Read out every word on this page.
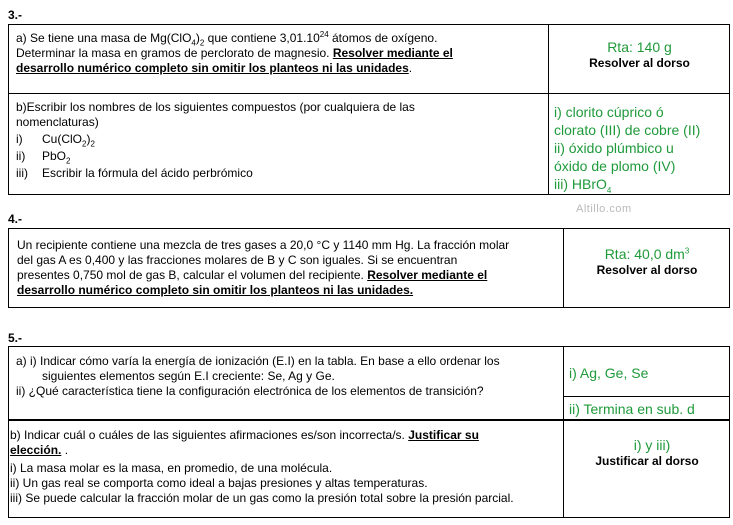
3.-
a) Se tiene una masa de $Mg(ClO_4)_2$ que contiene 3,01.10$^{24}$ átomos de oxígeno.
Determinar la masa en gramos de perclorato de magnesio. Resolver mediante el
desarrollo numérico completo sin omitir los planteos ni las unidades.
Rta: 140 g
Resolver al dorso
b)Escribir los nombres de los siguientes compuestos (por cualquiera de las
nomenclaturas)
i) $Cu(ClO_2)_2$
ii) PbO$_2$
iii) Escribir la fórmula del ácido perbrómico
i) clorito cúprico ó
clorato (III) de cobre (II)
ii) óxido plúmbico u
óxido de plomo (IV)
iii) HBrO$_4$
Altillo.com
4.-
Un recipiente contiene una mezcla de tres gases a 20,0 °C y 1140 mm Hg. La fracción molar
del gas A es 0,400 y las fracciones molares de B y C son iguales. Si se encuentran
presentes 0,750 mol de gas B, calcular el volumen del recipiente. Resolver mediante el
desarrollo numérico completo sin omitir los planteos ni las unidades.
Rta: 40,0 $dm^3$
Resolver al dorso
5.-
a) i) Indicar cómo varía la energía de ionización (E.I) en la tabla. En base a ello ordenar los
siguientes elementos según E.I creciente: Se, Ag y Ge.
ii) ¿Qué característica tiene la configuración electrónica de los elementos de transición?
i) Ag, Ge, Se
ii) Termina en sub. d
b) Indicar cuál o cuáles de las siguientes afirmaciones es/son incorrecta/s. Justificar su
elección. .
i) La masa molar es la masa, en promedio, de una molécula.
ii) Un gas real se comporta como ideal a bajas presiones y altas temperaturas.
iii) Se puede calcular la fracción molar de un gas como la presión total sobre la presión parcial.
i) y iii)
Justificar al dorso
